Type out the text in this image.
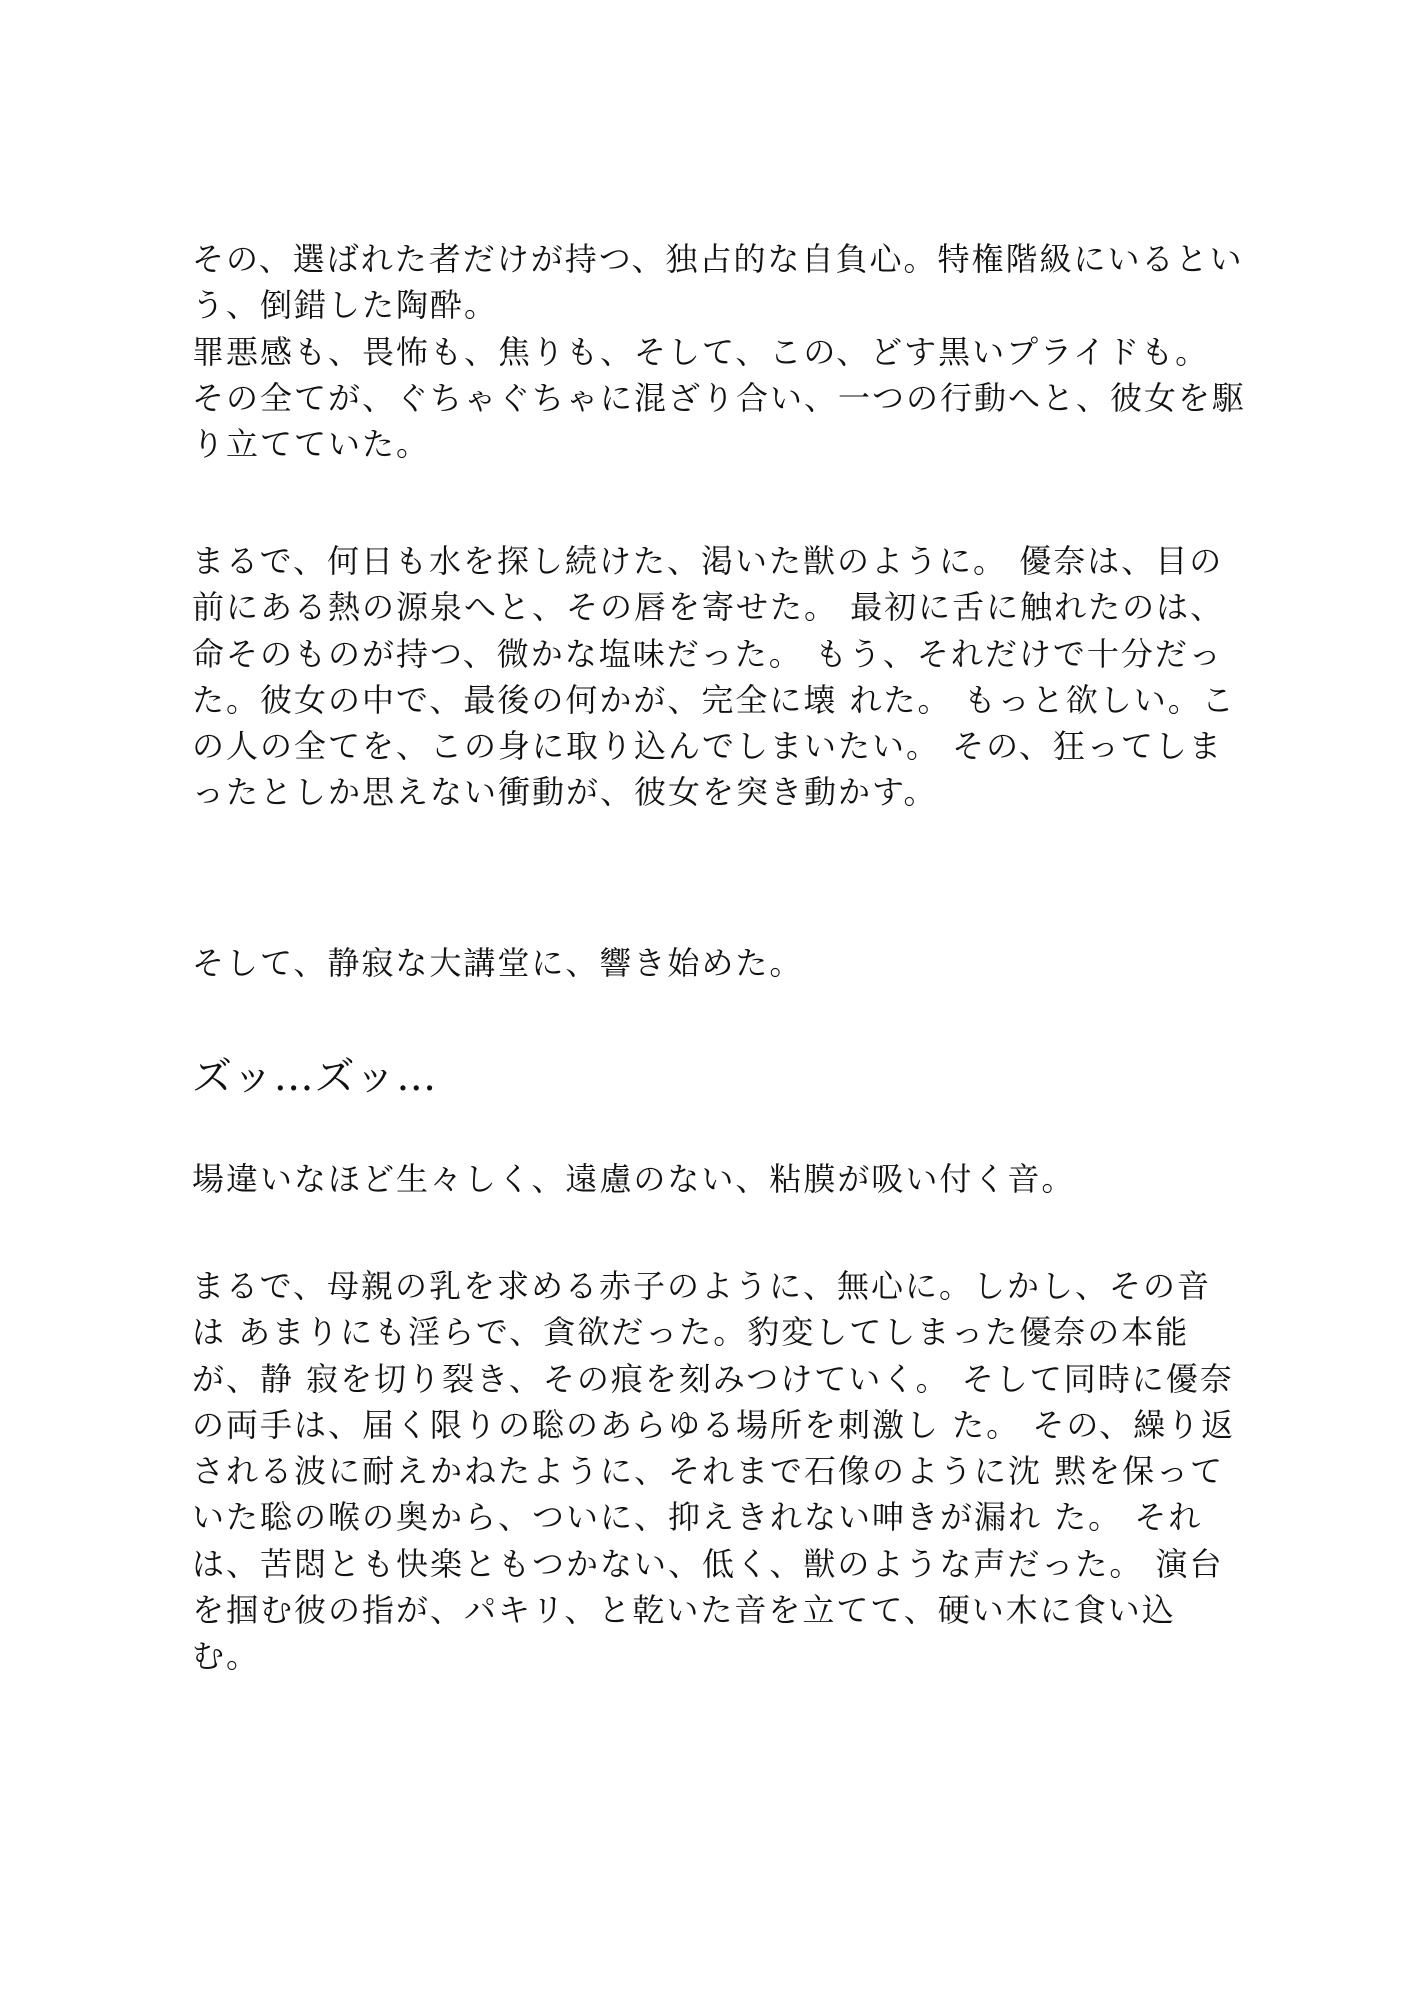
その、選ばれた者だけが持つ、独占的な自負心。特権階級にいるとい
う、倒錯した陶酔。
罪悪感も、畏怖も、焦りも、そして、この、どす黒いプライドも。
その全てが、ぐちゃぐちゃに混ざり合い、一つの行動へと、彼女を駆
り立てていた。
まるで、何日も水を探し続けた、渇いた獣のように。 優奈は、目の
前にある熱の源泉へと、その唇を寄せた。 最初に舌に触れたのは、
命そのものが持つ、微かな塩味だった。 もう、それだけで十分だっ
た。彼女の中で、最後の何かが、完全に壊 れた。 もっと欲しい。こ
の人の全てを、この身に取り込んでしまいたい。 その、狂ってしま
ったとしか思えない衝動が、彼女を突き動かす。
そして、静寂な大講堂に、響き始めた。
ズッ…ズッ…
場違いなほど生々しく、遠慮のない、粘膜が吸い付く音。
まるで、母親の乳を求める赤子のように、無心に。しかし、その音
は あまりにも淫らで、貪欲だった。豹変してしまった優奈の本能
が、静 寂を切り裂き、その痕を刻みつけていく。 そして同時に優奈
の両手は、届く限りの聡のあらゆる場所を刺激し た。 その、繰り返
される波に耐えかねたように、それまで石像のように沈 黙を保って
いた聡の喉の奥から、ついに、抑えきれない呻きが漏れ た。 それ
は、苦悶とも快楽ともつかない、低く、獣のような声だった。 演台
を掴む彼の指が、パキリ、と乾いた音を立てて、硬い木に食い込
む。
